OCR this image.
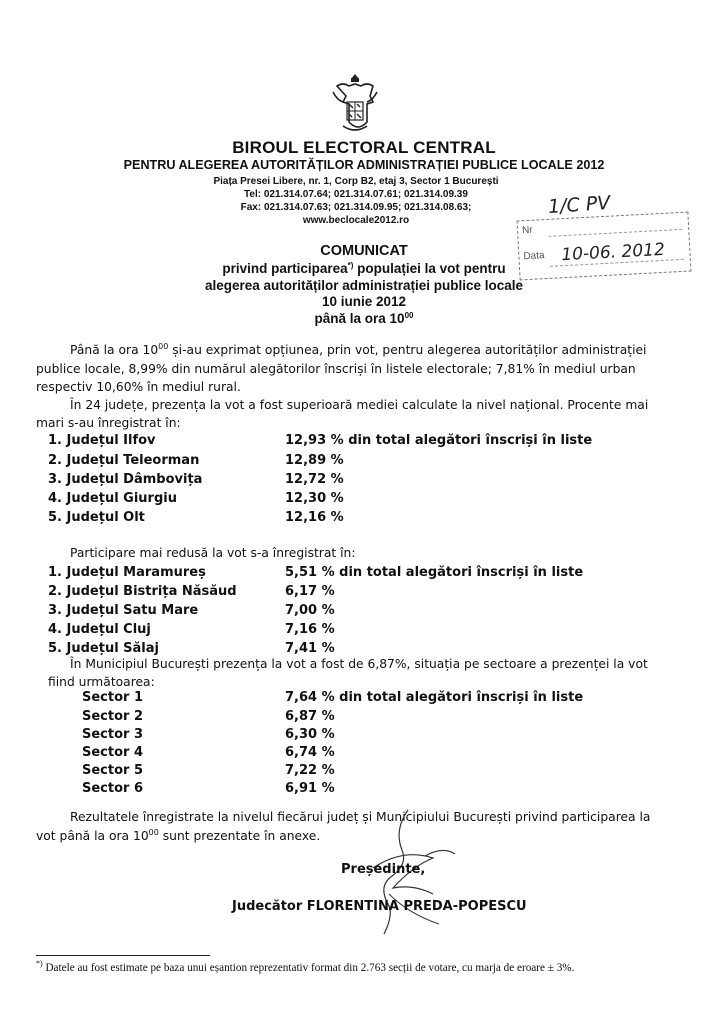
BIROUL ELECTORAL CENTRAL
PENTRU ALEGEREA AUTORITĂȚILOR ADMINISTRAȚIEI PUBLICE LOCALE 2012
Piața Presei Libere, nr. 1, Corp B2, etaj 3, Sector 1 București
Tel: 021.314.07.64; 021.314.07.61; 021.314.09.39
Fax: 021.314.07.63; 021.314.09.95; 021.314.08.63;
www.beclocale2012.ro
1/C PV
Nr
Data 10-06. 2012
COMUNICAT
privind participarea*) populației la vot pentru
alegerea autorităților administrației publice locale
10 iunie 2012
până la ora $10^{00}$
Până la ora $10^{00}$ și-au exprimat opțiunea, prin vot, pentru alegerea autorităților administrației
publice locale, 8,99% din numărul alegătorilor înscriși în listele electorale; 7,81% în mediul urban
respectiv 10,60% în mediul rural.
În 24 județe, prezența la vot a fost superioară mediei calculate la nivel național. Procente mai
mari s-au înregistrat în:
1. Județul Ilfov	12,93 % din total alegători înscriși în liste
2. Județul Teleorman	12,89 %
3. Județul Dâmbovița	12,72 %
4. Județul Giurgiu	12,30 %
5. Județul Olt	12,16 %
Participare mai redusă la vot s-a înregistrat în:
1. Județul Maramureș	5,51 % din total alegători înscriși în liste
2. Județul Bistrița Năsăud	6,17 %
3. Județul Satu Mare	7,00 %
4. Județul Cluj	7,16 %
5. Județul Sălaj	7,41 %
În Municipiul București prezența la vot a fost de 6,87%, situația pe sectoare a prezenței la vot
fiind următoarea:
Sector 1	7,64 % din total alegători înscriși în liste
Sector 2	6,87 %
Sector 3	6,30 %
Sector 4	6,74 %
Sector 5	7,22 %
Sector 6	6,91 %
Rezultatele înregistrate la nivelul fiecărui județ și Municipiului București privind participarea la
vot până la ora $10^{00}$ sunt prezentate în anexe.
Președinte,
Judecător FLORENTINA PREDA-POPESCU
*) Datele au fost estimate pe baza unui eșantion reprezentativ format din 2.763 secții de votare, cu marja de eroare ± 3%.
